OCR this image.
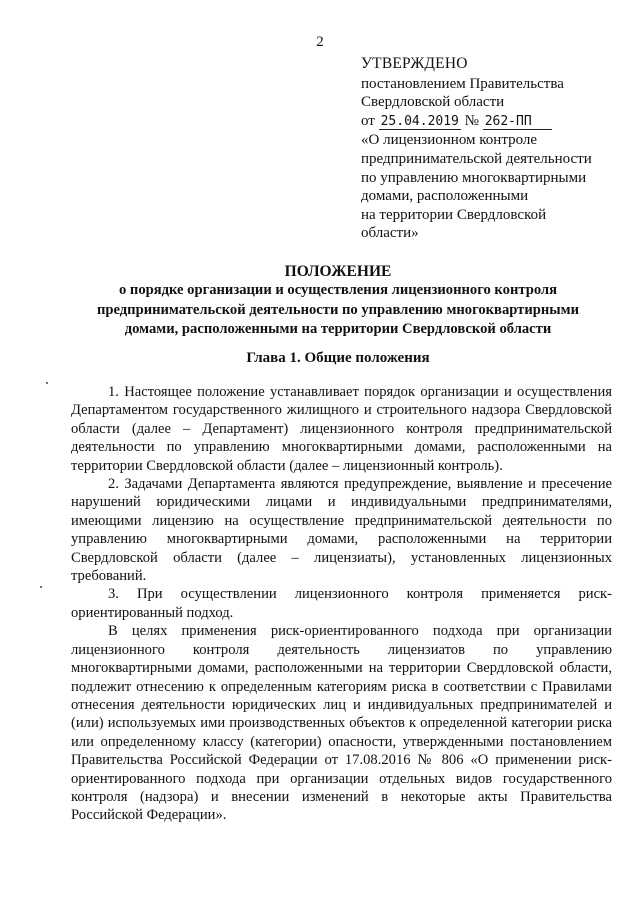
2
УТВЕРЖДЕНО
постановлением Правительства
Свердловской области
от 25.04.2019 № 262-ПП
«О лицензионном контроле
предпринимательской деятельности
по управлению многоквартирными
домами, расположенными
на территории Свердловской
области»
ПОЛОЖЕНИЕ
о порядке организации и осуществления лицензионного контроля
предпринимательской деятельности по управлению многоквартирными
домами, расположенными на территории Свердловской области
Глава 1. Общие положения

1. Настоящее положение устанавливает порядок организации и осуществления Департаментом государственного жилищного и строительного надзора Свердловской области (далее – Департамент) лицензионного контроля предпринимательской деятельности по управлению многоквартирными домами, расположенными на территории Свердловской области (далее – лицензионный контроль).

2. Задачами Департамента являются предупреждение, выявление и пресечение нарушений юридическими лицами и индивидуальными предпринимателями, имеющими лицензию на осуществление предпринимательской деятельности по управлению многоквартирными домами, расположенными на территории Свердловской области (далее – лицензиаты), установленных лицензионных требований.

3. При осуществлении лицензионного контроля применяется риск-ориентированный подход.

В целях применения риск-ориентированного подхода при организации лицензионного контроля деятельность лицензиатов по управлению многоквартирными домами, расположенными на территории Свердловской области, подлежит отнесению к определенным категориям риска в соответствии с Правилами отнесения деятельности юридических лиц и индивидуальных предпринимателей и (или) используемых ими производственных объектов к определенной категории риска или определенному классу (категории) опасности, утвержденными постановлением Правительства Российской Федерации от 17.08.2016 № 806 «О применении риск-ориентированного подхода при организации отдельных видов государственного контроля (надзора) и внесении изменений в некоторые акты Правительства Российской Федерации».
